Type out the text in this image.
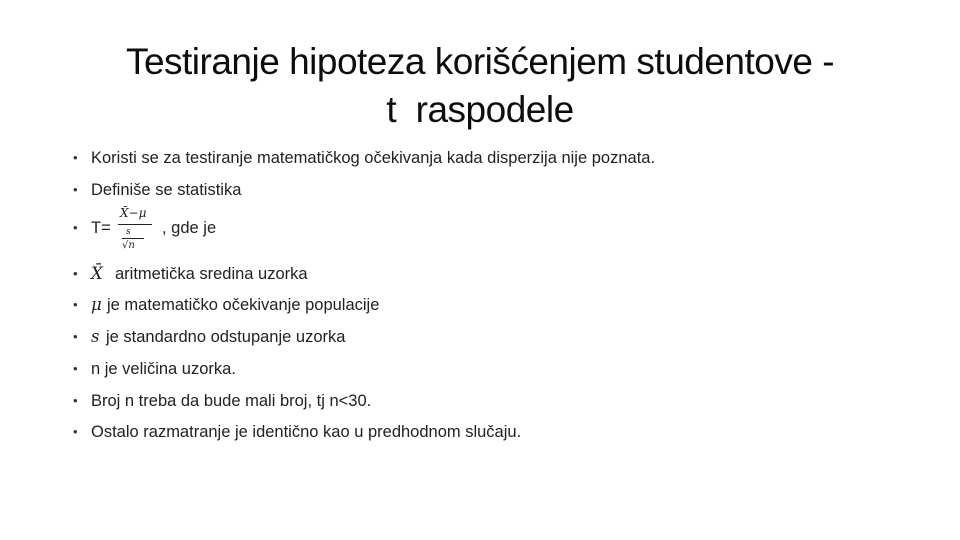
Testiranje hipoteza korišćenjem studentove -
t  raspodele
• Koristi se za testiranje matematičkog očekivanja kada disperzija nije poznata.
• Definiše se statistika
• T=	, gde je
X̄−μ
s
√n
• X̄ aritmetička sredina uzorka
• μ je matematičko očekivanje populacije
• s je standardno odstupanje uzorka
• n je veličina uzorka.
• Broj n treba da bude mali broj, tj n<30.
• Ostalo razmatranje je identično kao u predhodnom slučaju.
